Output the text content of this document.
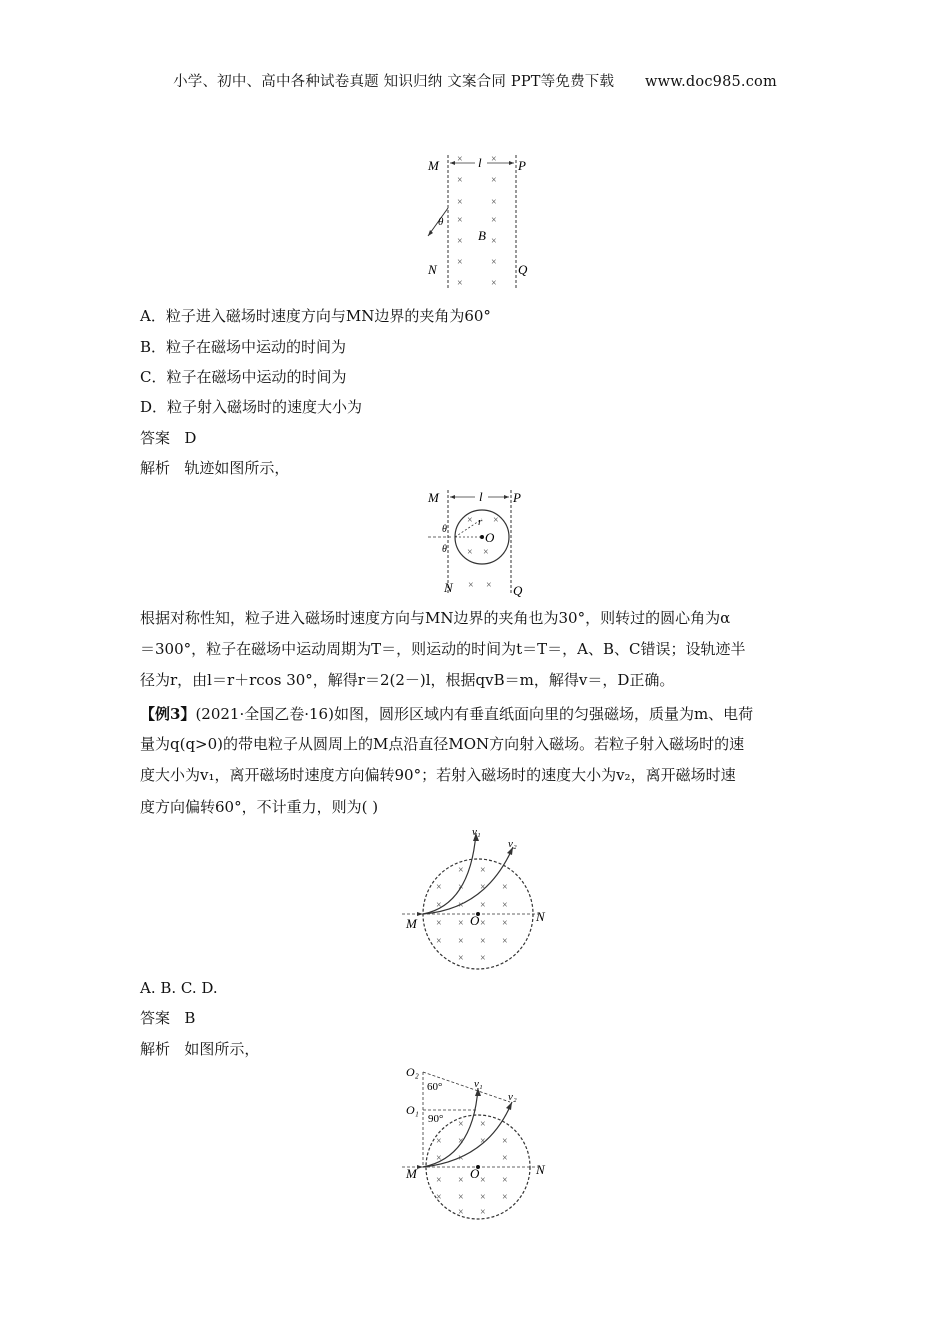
小学、初中、高中各种试卷真题 知识归纳 文案合同 PPT等免费下载 www.doc985.com
M	P
N	Q
l
B
θ
×	×
×	×
×	×
×	×
×	×
×	×
×	×
A．粒子进入磁场时速度方向与MN边界的夹角为60°
B．粒子在磁场中运动的时间为
C．粒子在磁场中运动的时间为
D．粒子射入磁场时的速度大小为
答案 D
解析 轨迹如图所示，
M	P
N	Q
l
O
r
θ
θ
× ×
× ×
× ×
根据对称性知，粒子进入磁场时速度方向与MN边界的夹角也为30°，则转过的圆心角为α
＝300°，粒子在磁场中运动周期为T＝，则运动的时间为t＝T＝，A、B、C错误；设轨迹半
径为r，由l＝r＋rcos 30°，解得r＝2(2－)l，根据qvB＝m，解得v＝，D正确。
【例3】(2021·全国乙卷·16)如图，圆形区域内有垂直纸面向里的匀强磁场，质量为m、电荷
量为q(q>0)的带电粒子从圆周上的M点沿直径MON方向射入磁场。若粒子射入磁场时的速
度大小为v₁，离开磁场时速度方向偏转90°；若射入磁场时的速度大小为v₂，离开磁场时速
度方向偏转60°，不计重力，则为( )
O
M	N
v₁
v₂
× ×
× × × ×
× × × ×
× × × ×
× × × ×
× ×
A. B. C. D.
答案 B
解析 如图所示，
O
M	N
O₂
O₁
60°
90°
v₁
v₂
× ×
× × × ×
× ×	×
× × × ×
× × × ×
× ×
